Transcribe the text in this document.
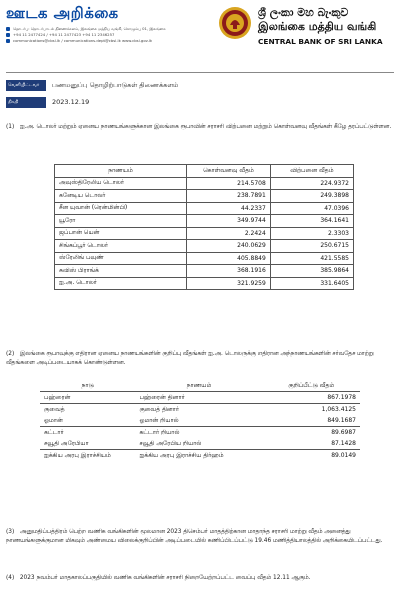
ஊடக அறிக்கை
தொடர்பு: தொடர்பாடல் திணைக்களம், இலங்கை மத்திய வங்கி, கொழும்பு 01, இலங்கை
+94 11 2477424 / +94 11 2477423 +94 11 2346257
communications@cbsl.lk / communications.dept@cbsl.lk www.cbsl.gov.lk
ශ්‍රී ලංකා මහ බැංකුව
இலங்கை மத்திய வங்கி
CENTRAL BANK OF SRI LANKA
வெளியிட்டவர்	பணமனுப்பு தொழிற்பாடுகள் திணைக்களம்
திகதி	2023.12.19
(1) ஐ.அ. டொலர் மற்றும் ஏனைய நாணயங்களுக்கான இலங்கை ரூபாவின் சராசரி விற்பனை மற்றும் கொள்வனவு வீதங்கள் கீழே தரப்பட்டுள்ளன.
நாணயம்	கொள்வனவு வீதம்	விற்பனை வீதம்
அவுஸ்திரேலிய டொலர்	214.5708	224.9372
கனேடிய டொலர்	238.7891	249.3898
சீன யுவான் (ரென்மின்பி)	44.2337	47.0396
யூரோ	349.9744	364.1641
ஜப்பான் யென்	2.2424	2.3303
சிங்கப்பூர் டொலர்	240.0629	250.6715
ஸ்ரேலிங் பவுண்	405.8849	421.5585
சுவிஸ் பிராங்க்	368.1916	385.9864
ஐ.அ. டொலர்	321.9259	331.6405
(2) இலங்கை ரூபாவுக்கு எதிரான ஏனைய நாணயங்களின் குறிப்பு வீதங்கள் ஐ.அ. டொலருக்கு எதிரான அந்நாணயங்களின் சர்வதேச மாற்று வீதங்களை அடிப்படையாகக் கொண்டுள்ளன.
நாடு	நாணயம்	குறிப்பீட்டு வீதம்
பஹ்ரைன்	பஹ்ரைன் தினார்	867.1978
குவைத்	குவைத் தினார்	1,063.4125
ஓமான்	ஓமான் றியால்	849.1687
கட்டார்	கட்டார் றியால்	89.6987
சவூதி அரேபியா	சவூதி அரேபிய றியால்	87.1428
ஐக்கிய அரபு இராச்சியம்	ஐக்கிய அரபு இராச்சிய திர்ஹம்	89.0149
(3) அனுமதிப்பத்திரம் பெற்ற வணிக வங்கிகளின் மூலமான 2023 திசெம்பர் மாதத்திற்கான மாதாந்த சராசரி மாற்று வீதம் அனைத்து நாணயங்களுக்குமான மிகவும் அண்மைய விலைக்குறிப்பின் அடிப்படையில் கணிப்பிடப்பட்டு 19.46 மணித்தியாலத்தில் அறிக்கையிடப்பட்டது.
(4) 2023 நவம்பர் மாதகாலப்பகுதியில் வணிக வங்கிகளின் சராசரி நிறையேற்றப்பட்ட வைப்பு வீதம் 12.11 ஆகும்.
